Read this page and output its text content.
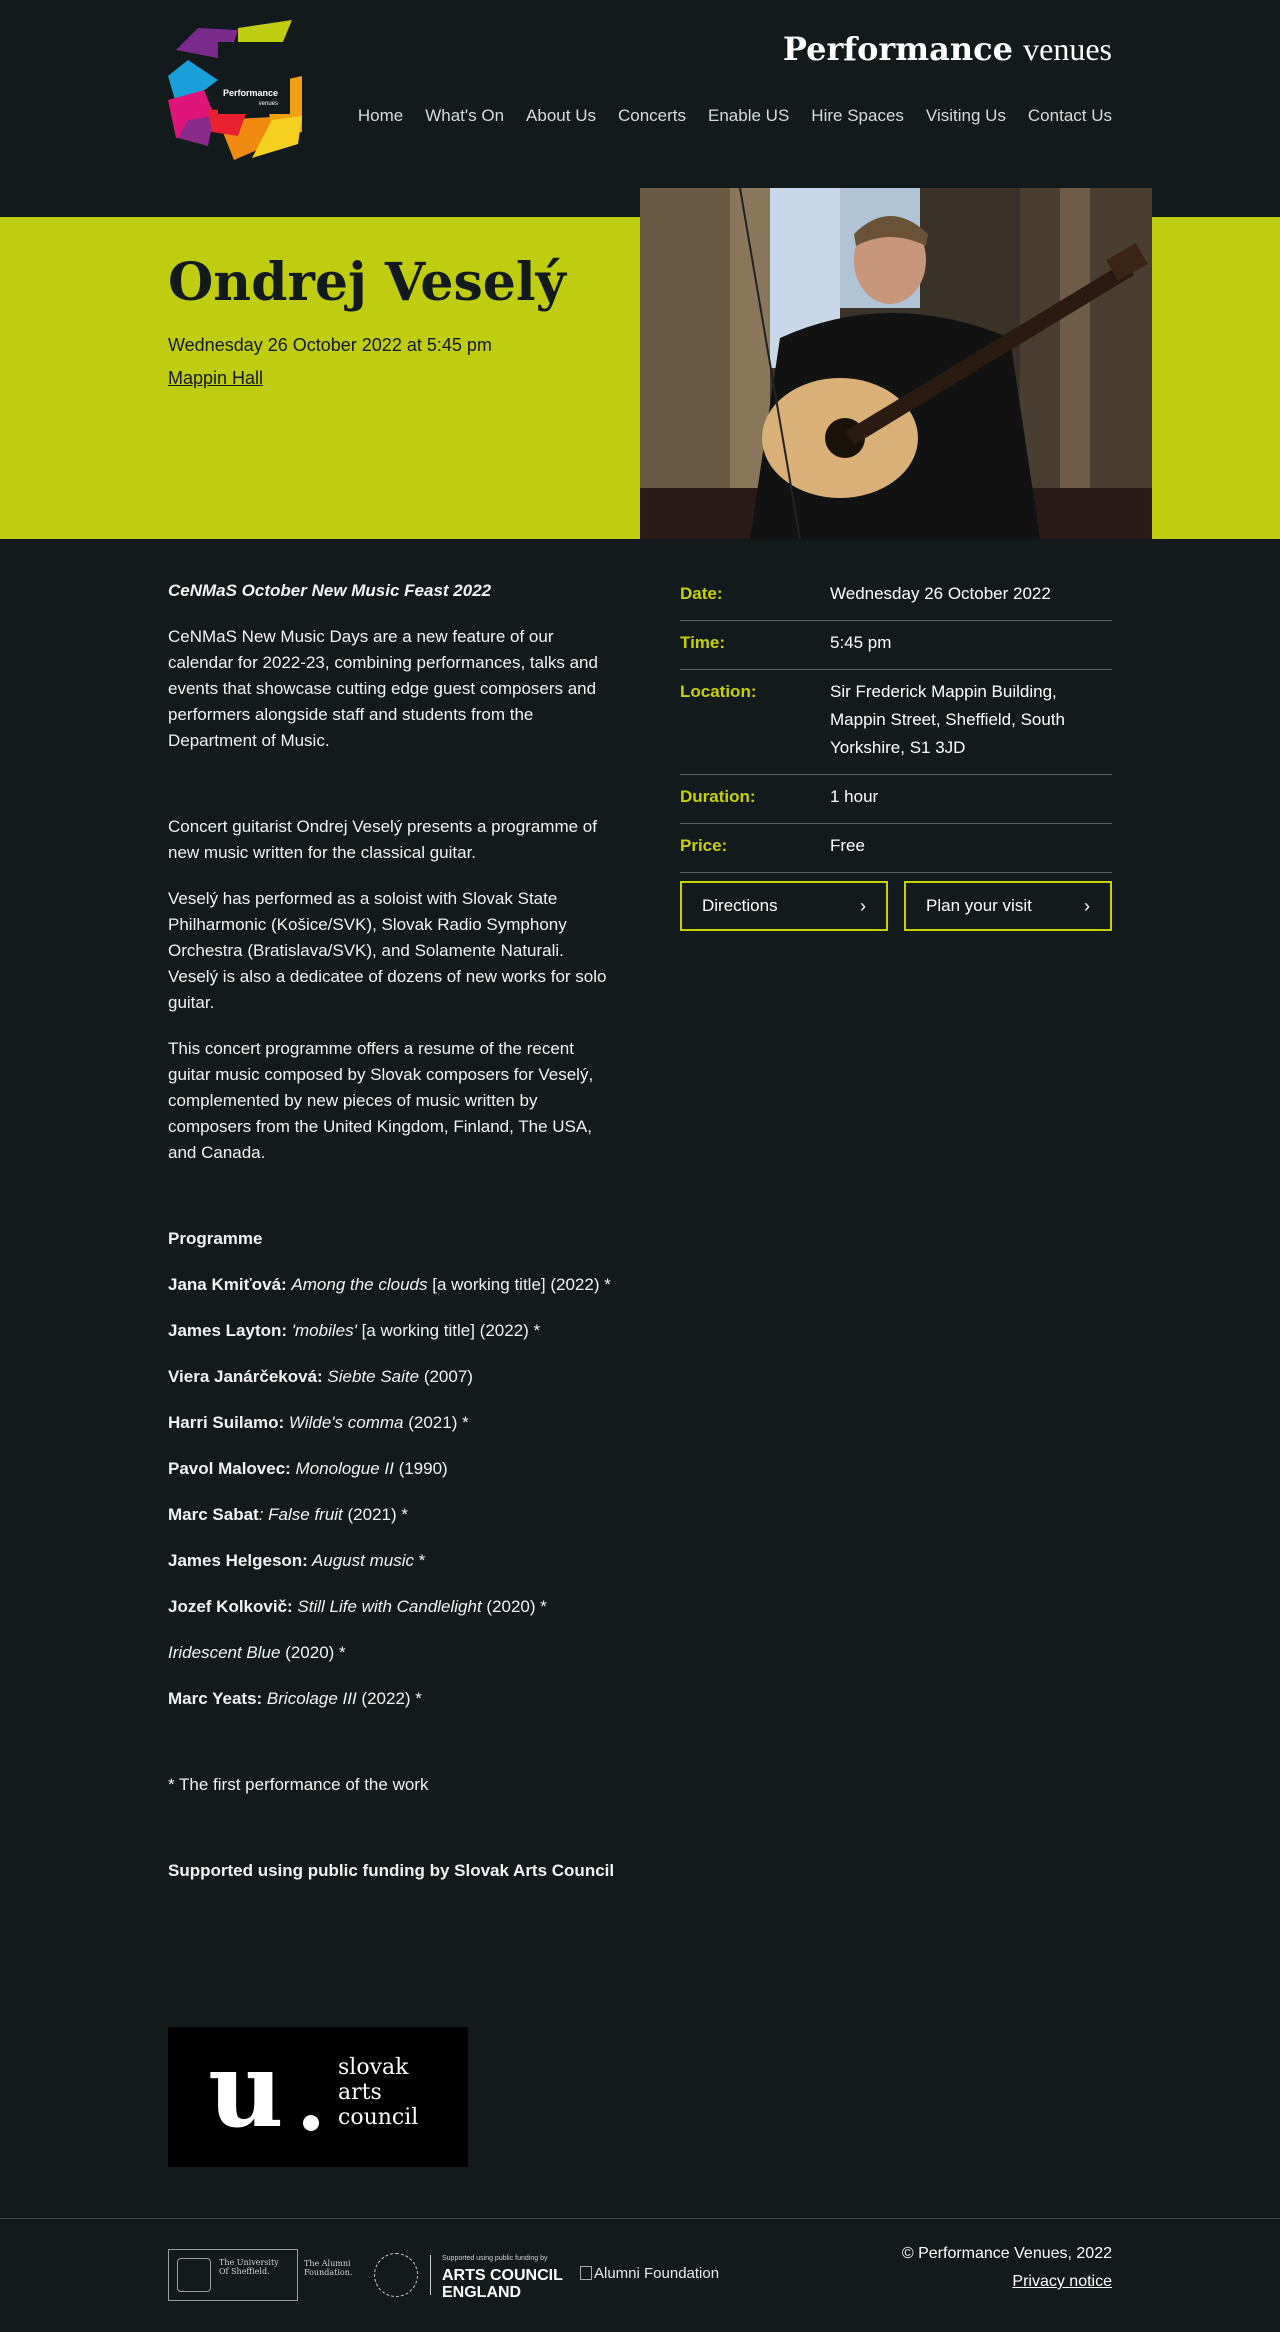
Performance
venues
Performance venues
Home What's On About Us Concerts Enable US Hire Spaces Visiting Us Contact Us
Ondrej Veselý
Wednesday 26 October 2022 at 5:45 pm
Mappin Hall

CeNMaS October New Music Feast 2022

CeNMaS New Music Days are a new feature of our calendar for 2022-23, combining performances, talks and events that showcase cutting edge guest composers and performers alongside staff and students from the Department of Music.

Concert guitarist Ondrej Veselý presents a programme of new music written for the classical guitar.

Veselý has performed as a soloist with Slovak State Philharmonic (Košice/SVK), Slovak Radio Symphony Orchestra (Bratislava/SVK), and Solamente Naturali. Veselý is also a dedicatee of dozens of new works for solo guitar.

This concert programme offers a resume of the recent guitar music composed by Slovak composers for Veselý, complemented by new pieces of music written by composers from the United Kingdom, Finland, The USA, and Canada.

Programme

Jana Kmiťová: Among the clouds [a working title] (2022) *

James Layton: 'mobiles' [a working title] (2022) *

Viera Janárčeková: Siebte Saite (2007)

Harri Suilamo: Wilde's comma (2021) *

Pavol Malovec: Monologue II (1990)

Marc Sabat: False fruit (2021) *

James Helgeson: August music *

Jozef Kolkovič: Still Life with Candlelight (2020) *

Iridescent Blue (2020) *

Marc Yeats: Bricolage III (2022) *

* The first performance of the work

Supported using public funding by Slovak Arts Council

u slovak
arts
council
Date:	Wednesday 26 October 2022
Time:	5:45 pm
Location:	Sir Frederick Mappin Building, Mappin Street, Sheffield, South Yorkshire, S1 3JD
Duration:	1 hour
Price:	Free
Directions	›	Plan your visit	›
The University Of Sheffield.
The Alumni Foundation.
Supported using public funding by
ARTS COUNCIL
ENGLAND
Alumni Foundation
© Performance Venues, 2022
Privacy notice
